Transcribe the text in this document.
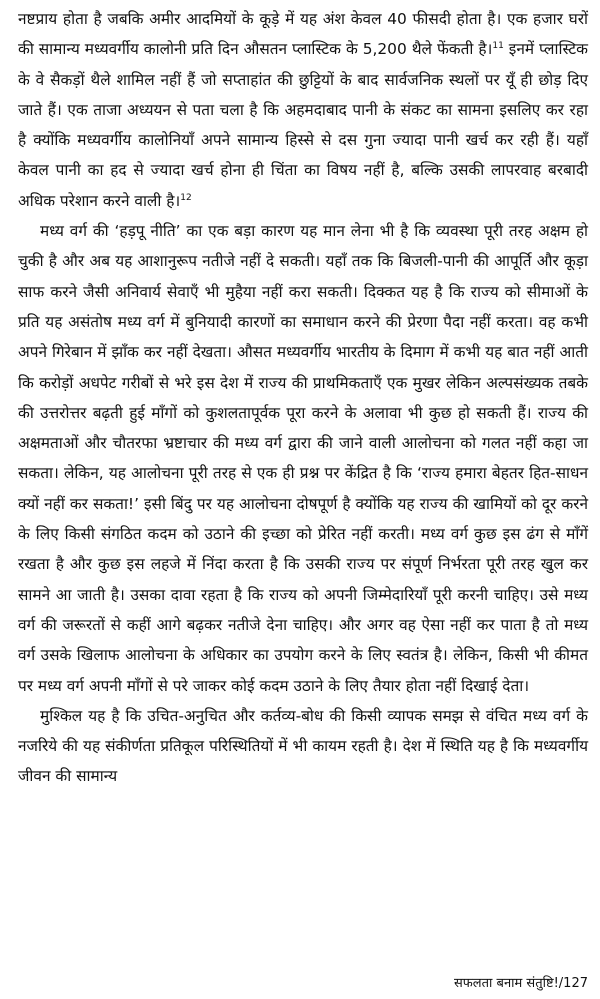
नष्टप्राय होता है जबकि अमीर आदमियों के कूड़े में यह अंश केवल 40 फीसदी होता है। एक हजार घरों की सामान्य मध्यवर्गीय कालोनी प्रति दिन औसतन प्लास्टिक के 5,200 थैले फेंकती है।$^{11}$ इनमें प्लास्टिक के वे सैकड़ों थैले शामिल नहीं हैं जो सप्ताहांत की छुट्टियों के बाद सार्वजनिक स्थलों पर यूँ ही छोड़ दिए जाते हैं। एक ताजा अध्ययन से पता चला है कि अहमदाबाद पानी के संकट का सामना इसलिए कर रहा है क्योंकि मध्यवर्गीय कालोनियाँ अपने सामान्य हिस्से से दस गुना ज्यादा पानी खर्च कर रही हैं। यहाँ केवल पानी का हद से ज्यादा खर्च होना ही चिंता का विषय नहीं है, बल्कि उसकी लापरवाह बरबादी अधिक परेशान करने वाली है।$^{12}$

मध्य वर्ग की ‘हड़पू नीति’ का एक बड़ा कारण यह मान लेना भी है कि व्यवस्था पूरी तरह अक्षम हो चुकी है और अब यह आशानुरूप नतीजे नहीं दे सकती। यहाँ तक कि बिजली-पानी की आपूर्ति और कूड़ा साफ करने जैसी अनिवार्य सेवाएँ भी मुहैया नहीं करा सकती। दिक्कत यह है कि राज्य को सीमाओं के प्रति यह असंतोष मध्य वर्ग में बुनियादी कारणों का समाधान करने की प्रेरणा पैदा नहीं करता। वह कभी अपने गिरेबान में झाँक कर नहीं देखता। औसत मध्यवर्गीय भारतीय के दिमाग में कभी यह बात नहीं आती कि करोड़ों अधपेट गरीबों से भरे इस देश में राज्य की प्राथमिकताएँ एक मुखर लेकिन अल्पसंख्यक तबके की उत्तरोत्तर बढ़ती हुई माँगों को कुशलतापूर्वक पूरा करने के अलावा भी कुछ हो सकती हैं। राज्य की अक्षमताओं और चौतरफा भ्रष्टाचार की मध्य वर्ग द्वारा की जाने वाली आलोचना को गलत नहीं कहा जा सकता। लेकिन, यह आलोचना पूरी तरह से एक ही प्रश्न पर केंद्रित है कि ‘राज्य हमारा बेहतर हित-साधन क्यों नहीं कर सकता!’ इसी बिंदु पर यह आलोचना दोषपूर्ण है क्योंकि यह राज्य की खामियों को दूर करने के लिए किसी संगठित कदम को उठाने की इच्छा को प्रेरित नहीं करती। मध्य वर्ग कुछ इस ढंग से माँगें रखता है और कुछ इस लहजे में निंदा करता है कि उसकी राज्य पर संपूर्ण निर्भरता पूरी तरह खुल कर सामने आ जाती है। उसका दावा रहता है कि राज्य को अपनी जिम्मेदारियाँ पूरी करनी चाहिए। उसे मध्य वर्ग की जरूरतों से कहीं आगे बढ़कर नतीजे देना चाहिए। और अगर वह ऐसा नहीं कर पाता है तो मध्य वर्ग उसके खिलाफ आलोचना के अधिकार का उपयोग करने के लिए स्वतंत्र है। लेकिन, किसी भी कीमत पर मध्य वर्ग अपनी माँगों से परे जाकर कोई कदम उठाने के लिए तैयार होता नहीं दिखाई देता।

मुश्किल यह है कि उचित-अनुचित और कर्तव्य-बोध की किसी व्यापक समझ से वंचित मध्य वर्ग के नजरिये की यह संकीर्णता प्रतिकूल परिस्थितियों में भी कायम रहती है। देश में स्थिति यह है कि मध्यवर्गीय जीवन की सामान्य

सफलता बनाम संतुष्टि!/127
